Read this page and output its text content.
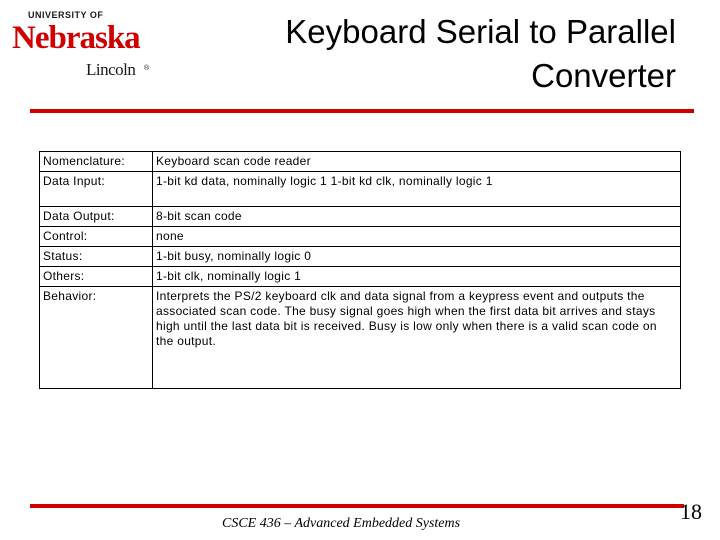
UNIVERSITY OF
Nebraska
Lincoln ®
Keyboard Serial to Parallel Converter
Nomenclature:	Keyboard scan code reader
Data Input:	1-bit kd data, nominally logic 1 1-bit kd clk, nominally logic 1
Data Output:	8-bit scan code
Control:	none
Status:	1-bit busy, nominally logic 0
Others:	1-bit clk, nominally logic 1
Behavior:	Interprets the PS/2 keyboard clk and data signal from a keypress event and outputs the associated scan code. The busy signal goes high when the first data bit arrives and stays high until the last data bit is received. Busy is low only when there is a valid scan code on the output.
CSCE 436 – Advanced Embedded Systems	18
